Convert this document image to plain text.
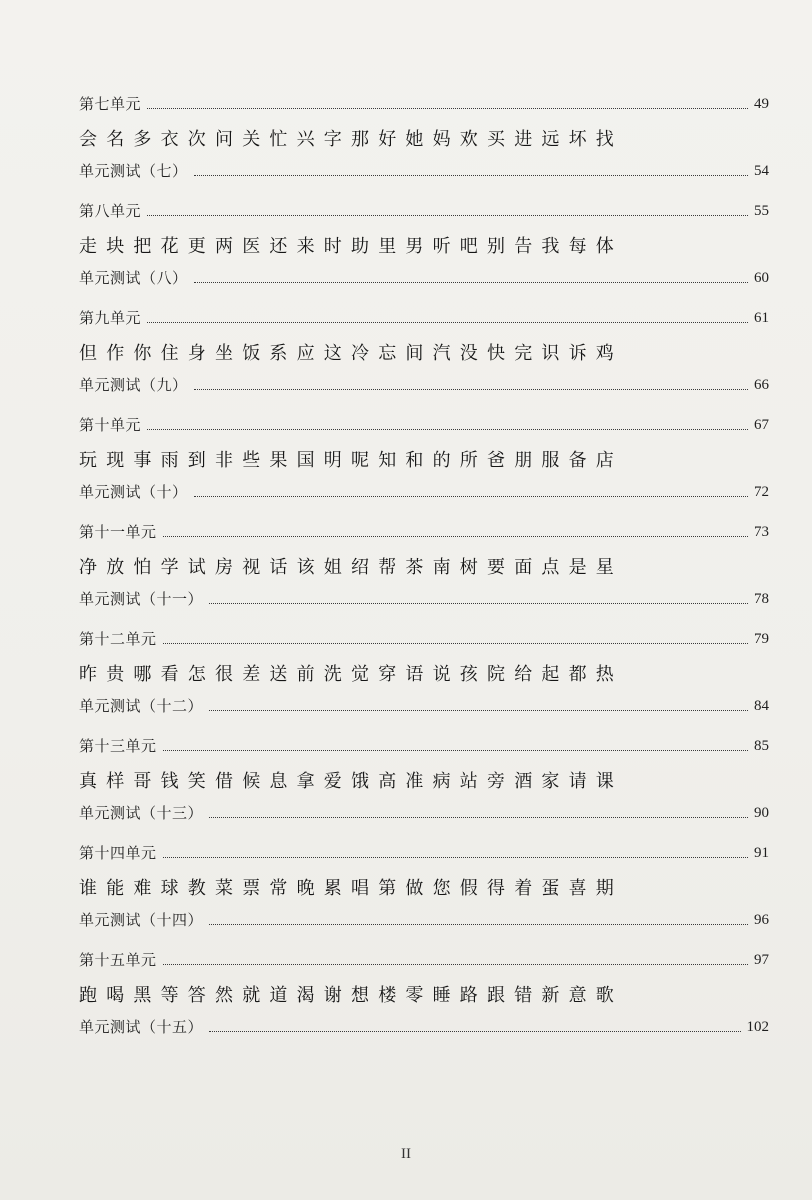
第七单元	49
会名多衣次问关忙兴字那好她妈欢买进远坏找
单元测试（七）	54
第八单元	55
走块把花更两医还来时助里男听吧别告我每体
单元测试（八）	60
第九单元	61
但作你住身坐饭系应这冷忘间汽没快完识诉鸡
单元测试（九）	66
第十单元	67
玩现事雨到非些果国明呢知和的所爸朋服备店
单元测试（十）	72
第十一单元	73
净放怕学试房视话该姐绍帮茶南树要面点是星
单元测试（十一）	78
第十二单元	79
昨贵哪看怎很差送前洗觉穿语说孩院给起都热
单元测试（十二）	84
第十三单元	85
真样哥钱笑借候息拿爱饿高准病站旁酒家请课
单元测试（十三）	90
第十四单元	91
谁能难球教菜票常晚累唱第做您假得着蛋喜期
单元测试（十四）	96
第十五单元	97
跑喝黑等答然就道渴谢想楼零睡路跟错新意歌
单元测试（十五）	102
II
